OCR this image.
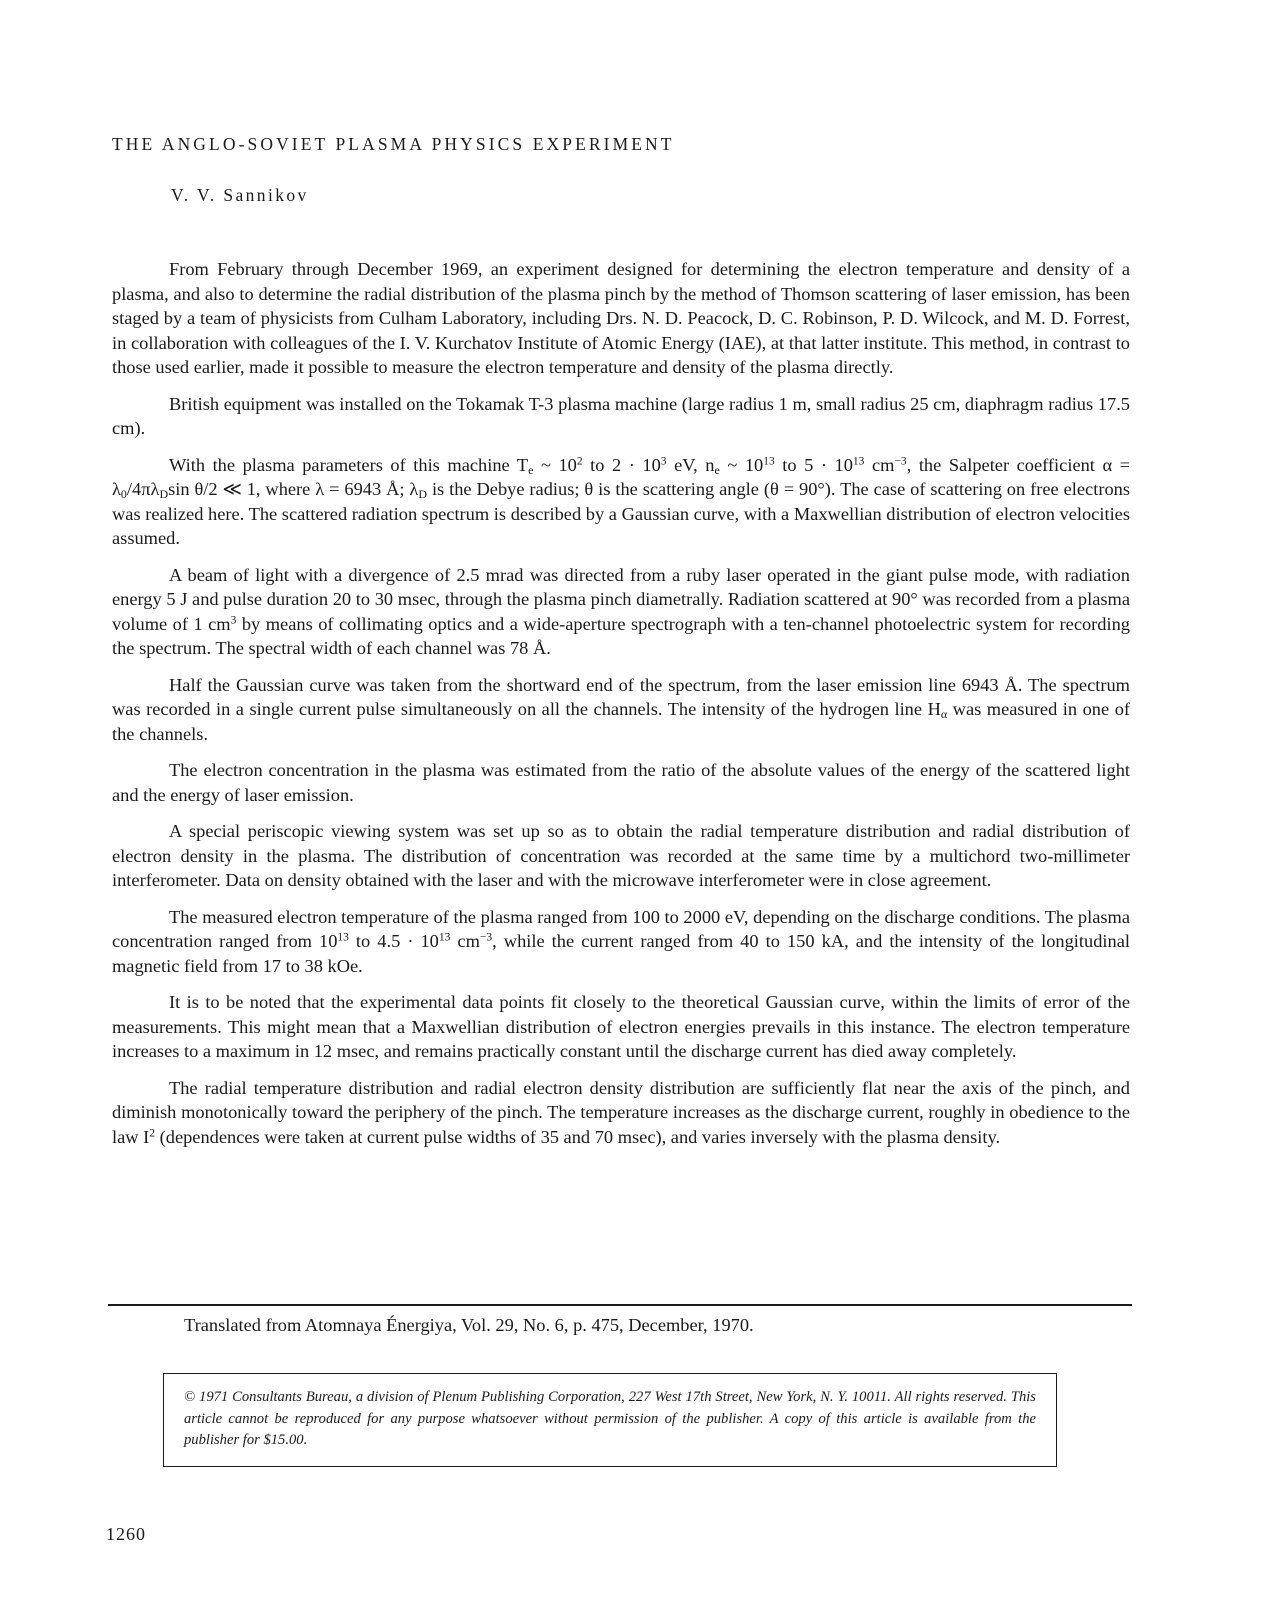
THE ANGLO-SOVIET PLASMA PHYSICS EXPERIMENT
V. V. Sannikov

From February through December 1969, an experiment designed for determining the electron temperature and density of a plasma, and also to determine the radial distribution of the plasma pinch by the method of Thomson scattering of laser emission, has been staged by a team of physicists from Culham Laboratory, including Drs. N. D. Peacock, D. C. Robinson, P. D. Wilcock, and M. D. Forrest, in collaboration with colleagues of the I. V. Kurchatov Institute of Atomic Energy (IAE), at that latter institute. This method, in contrast to those used earlier, made it possible to measure the electron temperature and density of the plasma directly.

British equipment was installed on the Tokamak T-3 plasma machine (large radius 1 m, small radius 25 cm, diaphragm radius 17.5 cm).

With the plasma parameters of this machine $T_e$ ~ $10^2$ to $2 \cdot 10^3$ eV, $n_e$ ~ $10^{13}$ to $5 \cdot 10^{13}$ $cm^{-3}$, the Salpeter coefficient $\alpha = \lambda_0/4\pi\lambda_D\sin$ θ/2 ≪ 1, where λ = 6943 Å; $\lambda_D$ is the Debye radius; θ is the scattering angle (θ = 90°). The case of scattering on free electrons was realized here. The scattered radiation spectrum is described by a Gaussian curve, with a Maxwellian distribution of electron velocities assumed.

A beam of light with a divergence of 2.5 mrad was directed from a ruby laser operated in the giant pulse mode, with radiation energy 5 J and pulse duration 20 to 30 msec, through the plasma pinch diametrally. Radiation scattered at 90° was recorded from a plasma volume of 1 $cm^3$ by means of collimating optics and a wide-aperture spectrograph with a ten-channel photoelectric system for recording the spectrum. The spectral width of each channel was 78 Å.

Half the Gaussian curve was taken from the shortward end of the spectrum, from the laser emission line 6943 Å. The spectrum was recorded in a single current pulse simultaneously on all the channels. The intensity of the hydrogen line $H_\alpha$ was measured in one of the channels.

The electron concentration in the plasma was estimated from the ratio of the absolute values of the energy of the scattered light and the energy of laser emission.

A special periscopic viewing system was set up so as to obtain the radial temperature distribution and radial distribution of electron density in the plasma. The distribution of concentration was recorded at the same time by a multichord two-millimeter interferometer. Data on density obtained with the laser and with the microwave interferometer were in close agreement.

The measured electron temperature of the plasma ranged from 100 to 2000 eV, depending on the discharge conditions. The plasma concentration ranged from $10^{13}$ to $4.5 \cdot 10^{13}$ $cm^{-3}$, while the current ranged from 40 to 150 kA, and the intensity of the longitudinal magnetic field from 17 to 38 kOe.

It is to be noted that the experimental data points fit closely to the theoretical Gaussian curve, within the limits of error of the measurements. This might mean that a Maxwellian distribution of electron energies prevails in this instance. The electron temperature increases to a maximum in 12 msec, and remains practically constant until the discharge current has died away completely.

The radial temperature distribution and radial electron density distribution are sufficiently flat near the axis of the pinch, and diminish monotonically toward the periphery of the pinch. The temperature increases as the discharge current, roughly in obedience to the law $I^2$ (dependences were taken at current pulse widths of 35 and 70 msec), and varies inversely with the plasma density.

Translated from Atomnaya Énergiya, Vol. 29, No. 6, p. 475, December, 1970.
© 1971 Consultants Bureau, a division of Plenum Publishing Corporation, 227 West 17th Street, New York, N. Y. 10011. All rights reserved. This article cannot be reproduced for any purpose whatsoever without permission of the publisher. A copy of this article is available from the publisher for $15.00.
1260
